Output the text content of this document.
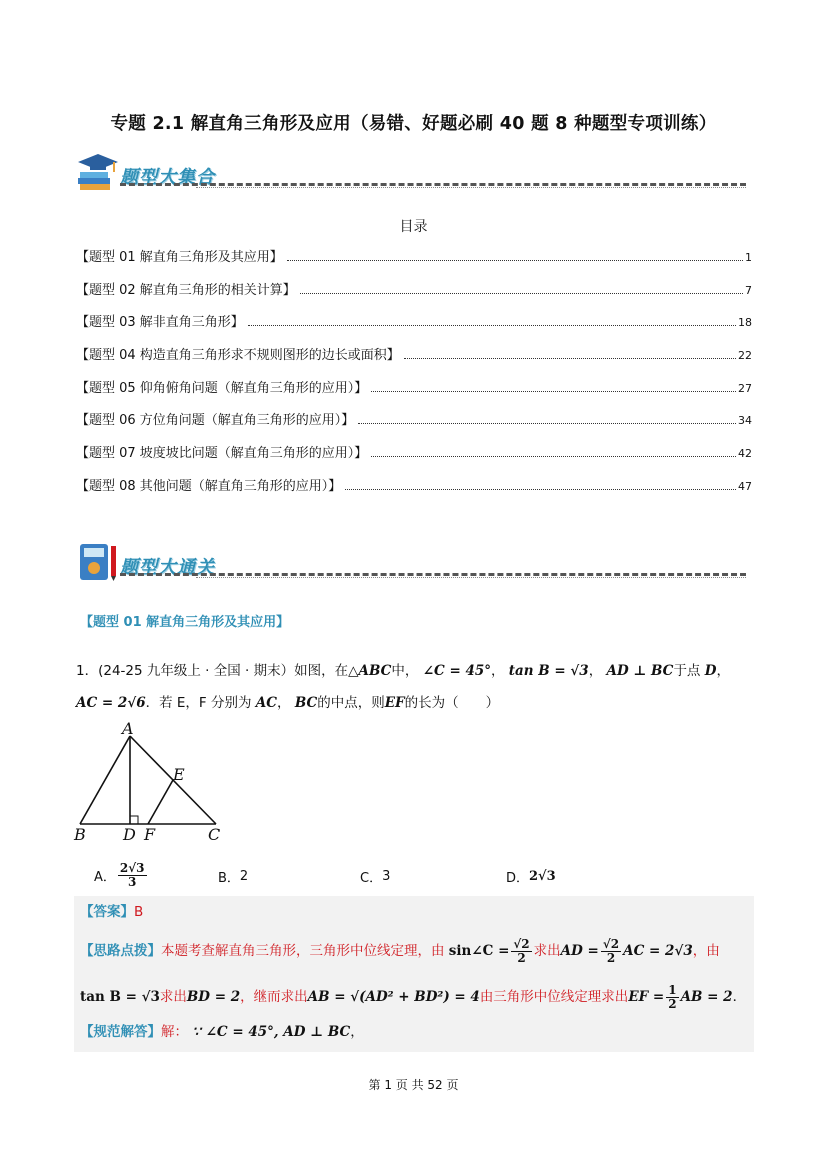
专题 2.1 解直角三角形及应用（易错、好题必刷 40 题 8 种题型专项训练）
题型大集合
目录
【题型 01 解直角三角形及其应用】	1
【题型 02 解直角三角形的相关计算】	7
【题型 03 解非直角三角形】	18
【题型 04 构造直角三角形求不规则图形的边长或面积】	22
【题型 05 仰角俯角问题（解直角三角形的应用）】	27
【题型 06 方位角问题（解直角三角形的应用）】	34
【题型 07 坡度坡比问题（解直角三角形的应用）】	42
【题型 08 其他问题（解直角三角形的应用）】	47
题型大通关
【题型 01 解直角三角形及其应用】
1．(24-25 九年级上 · 全国 · 期末）如图，在△ABC中， ∠C = 45°， tan B = √3， AD ⊥ BC于点 D，
AC = 2√6．若 E，F 分别为 AC， BC的中点，则EF的长为（　　）
A
B	C
D
E
F
A． $\frac{2√3}{3}$	B． 2	C． 3	D． 2√3
【答案】B
【思路点拨】本题考查解直角三角形，三角形中位线定理，由 sin∠C = $\frac{√2}{2}$ 求出AD = $\frac{√2}{2}$ AC = 2√3，由
tan B = √3求出BD = 2，继而求出AB = √(AD² + BD²) = 4由三角形中位线定理求出EF = $\frac{1}{2}$ AB = 2．
【规范解答】解： ∵ ∠C = 45°, AD ⊥ BC，
第 1 页 共 52 页
